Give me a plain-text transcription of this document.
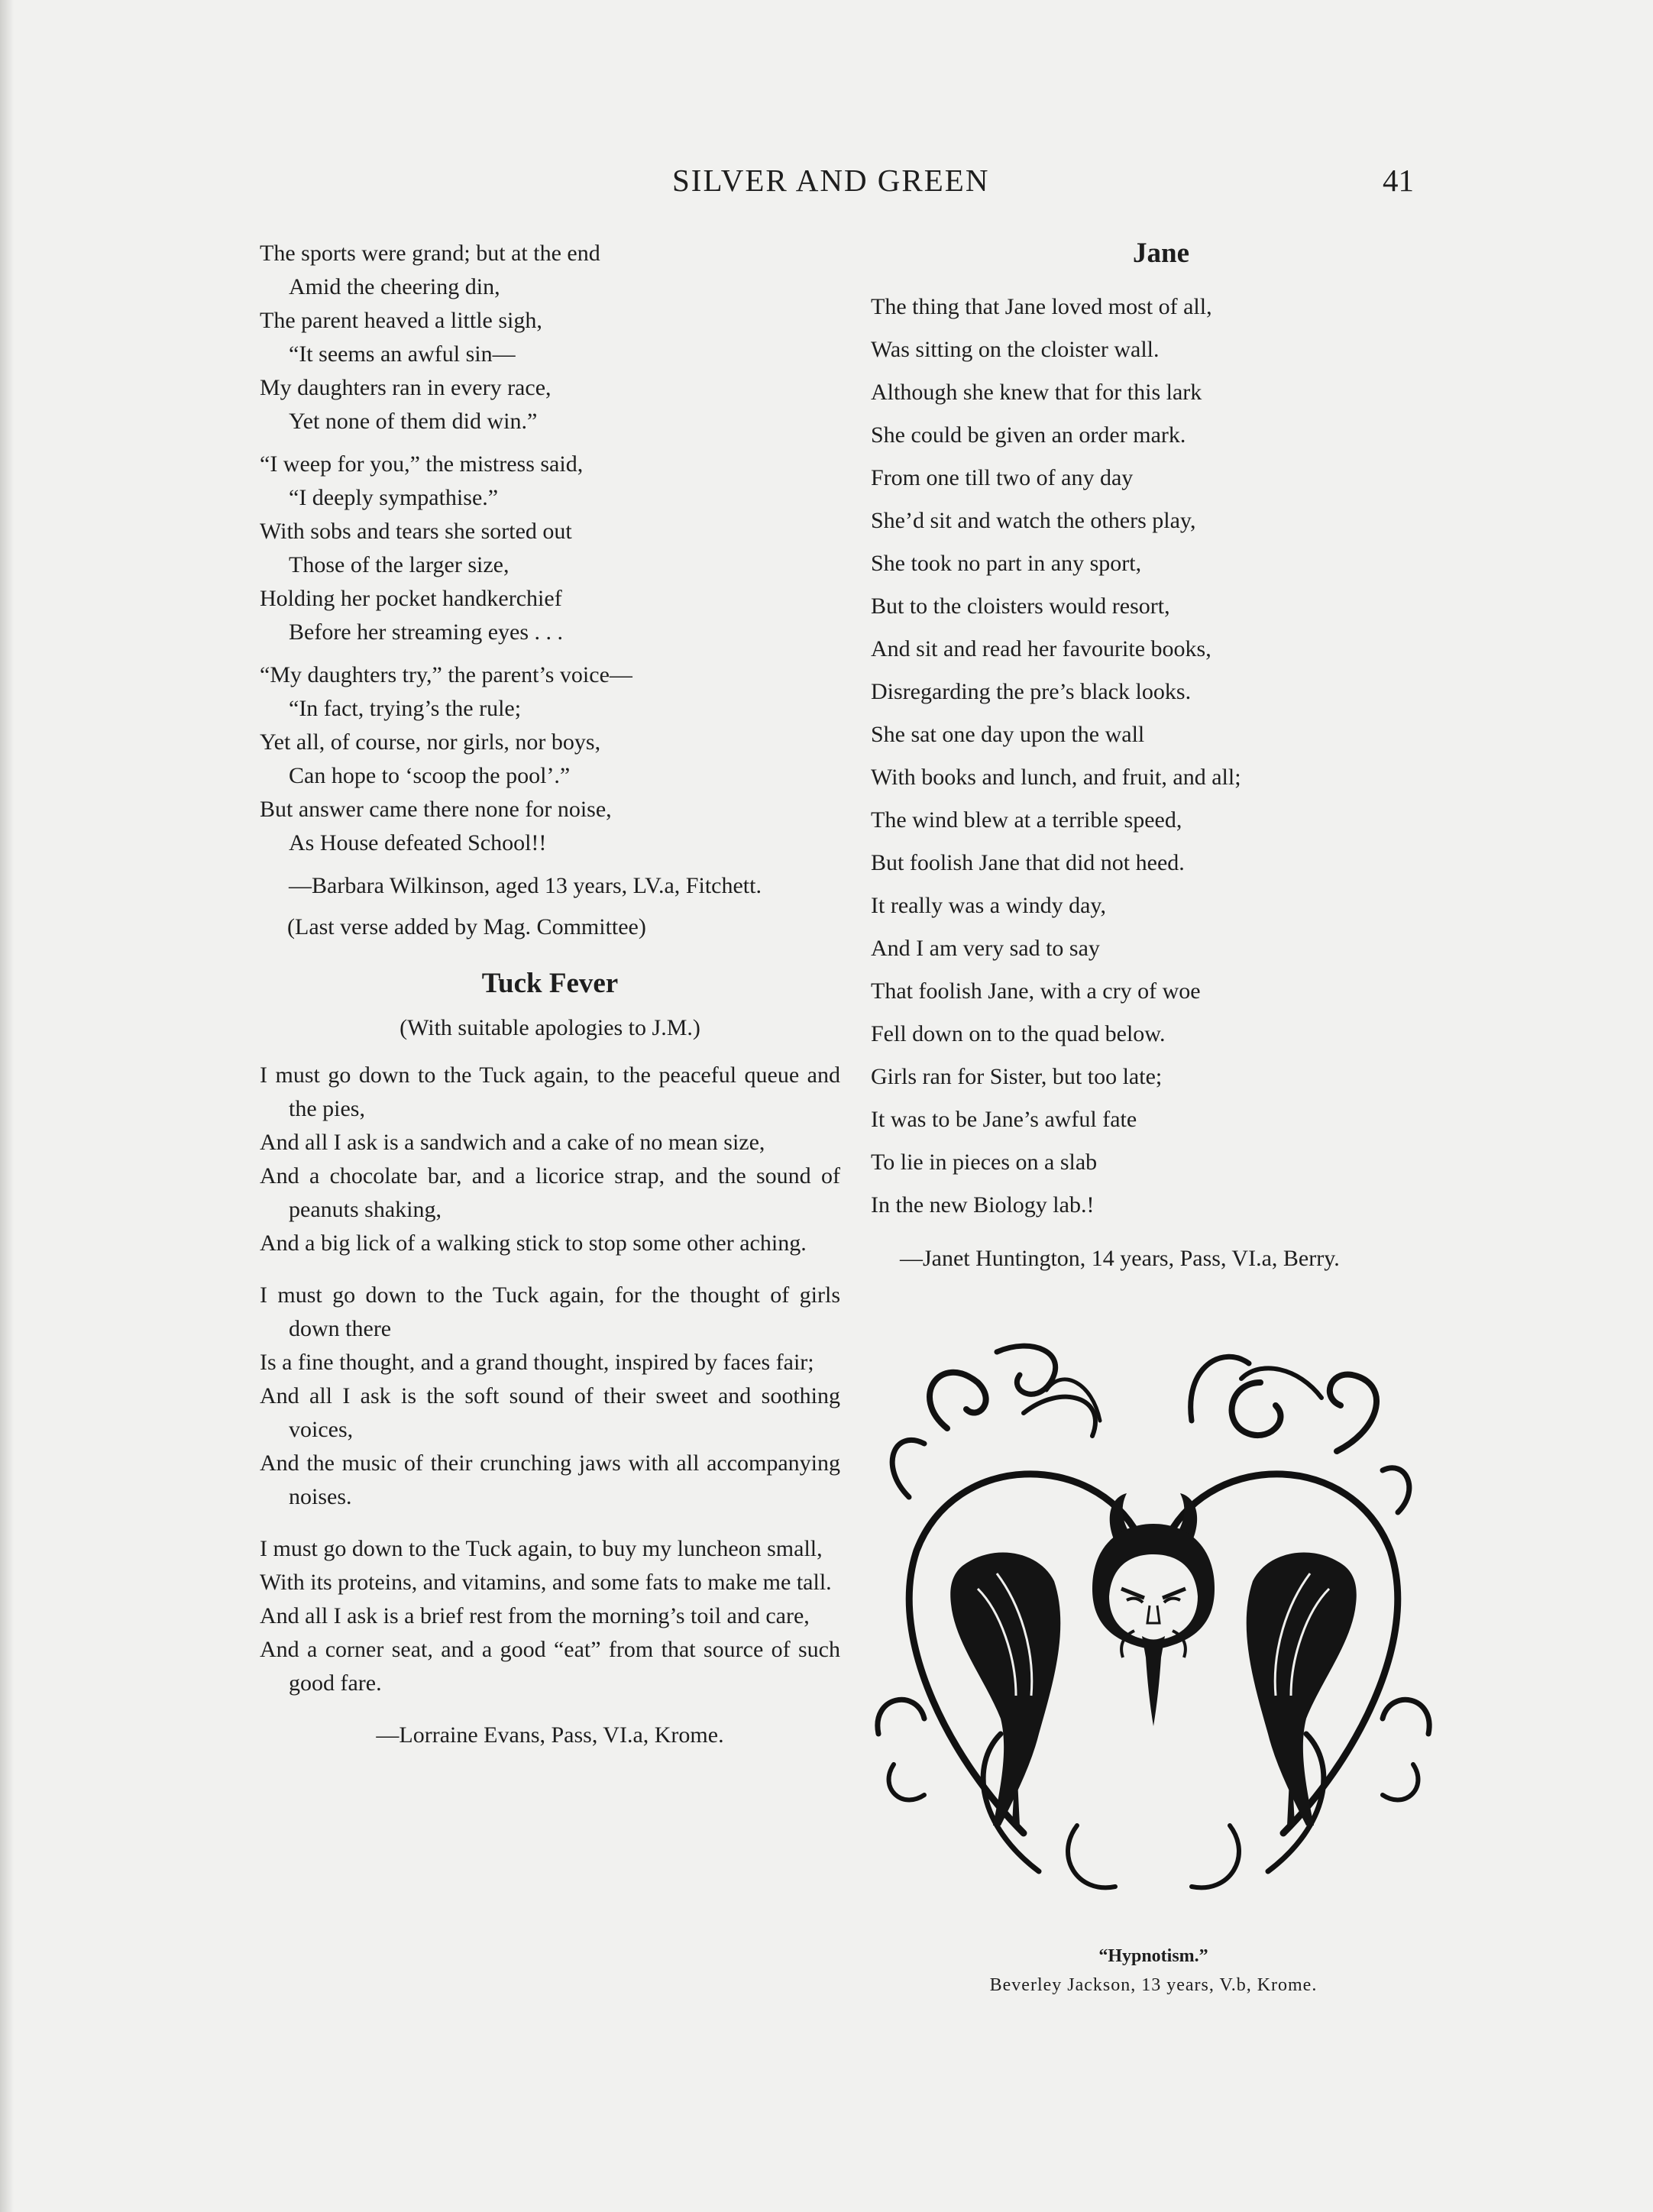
SILVER AND GREEN	41

The sports were grand; but at the end

Amid the cheering din,

The parent heaved a little sigh,

“It seems an awful sin—

My daughters ran in every race,

Yet none of them did win.”

“I weep for you,” the mistress said,

“I deeply sympathise.”

With sobs and tears she sorted out

Those of the larger size,

Holding her pocket handkerchief

Before her streaming eyes . . .

“My daughters try,” the parent’s voice—

“In fact, trying’s the rule;

Yet all, of course, nor girls, nor boys,

Can hope to ‘scoop the pool’.”

But answer came there none for noise,

As House defeated School!!

—Barbara Wilkinson, aged 13 years, LV.a, Fitchett.
(Last verse added by Mag. Committee)
Tuck Fever
(With suitable apologies to J.M.)

I must go down to the Tuck again, to the peaceful queue and the pies,

And all I ask is a sandwich and a cake of no mean size,

And a chocolate bar, and a licorice strap, and the sound of peanuts shaking,

And a big lick of a walking stick to stop some other aching.

I must go down to the Tuck again, for the thought of girls down there

Is a fine thought, and a grand thought, inspired by faces fair;

And all I ask is the soft sound of their sweet and soothing voices,

And the music of their crunching jaws with all accompanying noises.

I must go down to the Tuck again, to buy my luncheon small,

With its proteins, and vitamins, and some fats to make me tall.

And all I ask is a brief rest from the morning’s toil and care,

And a corner seat, and a good “eat” from that source of such good fare.

—Lorraine Evans, Pass, VI.a, Krome.

Jane

The thing that Jane loved most of all,

Was sitting on the cloister wall.

Although she knew that for this lark

She could be given an order mark.

From one till two of any day

She’d sit and watch the others play,

She took no part in any sport,

But to the cloisters would resort,

And sit and read her favourite books,

Disregarding the pre’s black looks.

She sat one day upon the wall

With books and lunch, and fruit, and all;

The wind blew at a terrible speed,

But foolish Jane that did not heed.

It really was a windy day,

And I am very sad to say

That foolish Jane, with a cry of woe

Fell down on to the quad below.

Girls ran for Sister, but too late;

It was to be Jane’s awful fate

To lie in pieces on a slab

In the new Biology lab.!

—Janet Huntington, 14 years, Pass, VI.a, Berry.

“Hypnotism.”
Beverley Jackson, 13 years, V.b, Krome.
